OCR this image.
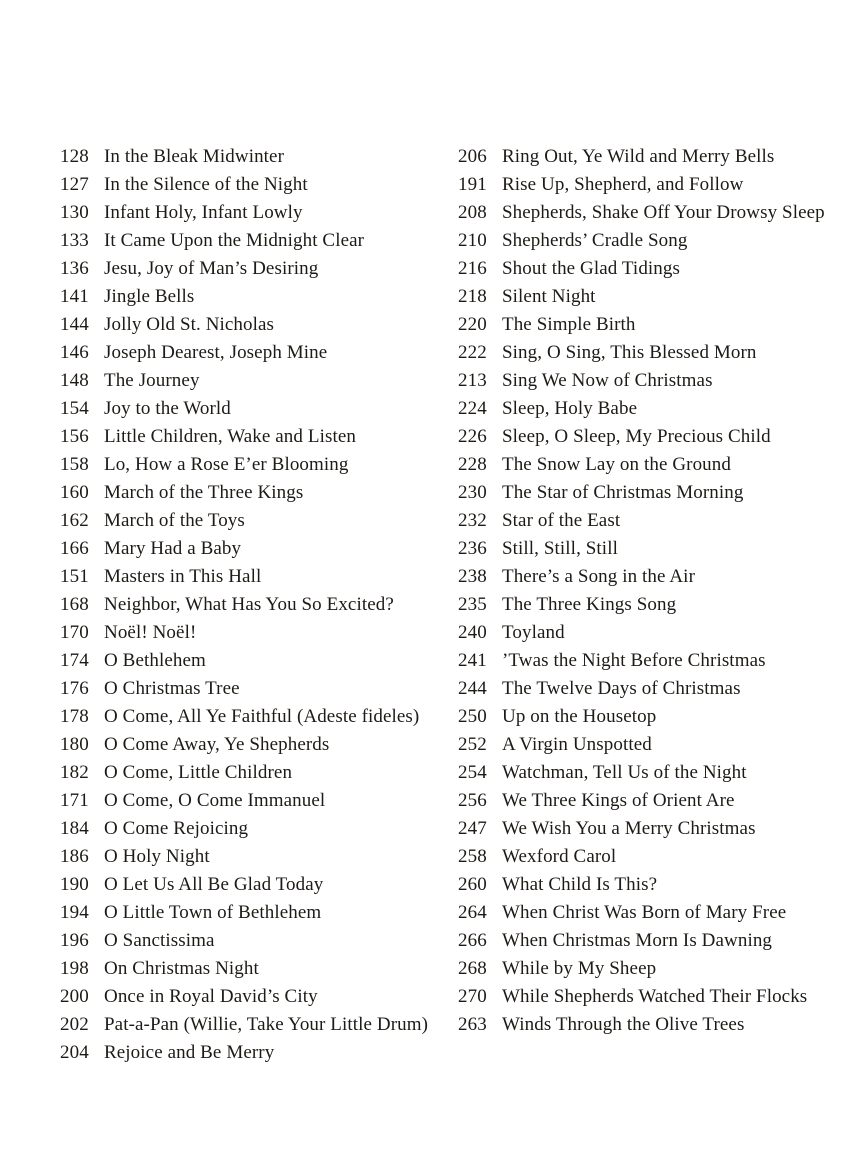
128 In the Bleak Midwinter
127 In the Silence of the Night
130 Infant Holy, Infant Lowly
133 It Came Upon the Midnight Clear
136 Jesu, Joy of Man’s Desiring
141 Jingle Bells
144 Jolly Old St. Nicholas
146 Joseph Dearest, Joseph Mine
148 The Journey
154 Joy to the World
156 Little Children, Wake and Listen
158 Lo, How a Rose E’er Blooming
160 March of the Three Kings
162 March of the Toys
166 Mary Had a Baby
151 Masters in This Hall
168 Neighbor, What Has You So Excited?
170 Noël! Noël!
174 O Bethlehem
176 O Christmas Tree
178 O Come, All Ye Faithful (Adeste fideles)
180 O Come Away, Ye Shepherds
182 O Come, Little Children
171 O Come, O Come Immanuel
184 O Come Rejoicing
186 O Holy Night
190 O Let Us All Be Glad Today
194 O Little Town of Bethlehem
196 O Sanctissima
198 On Christmas Night
200 Once in Royal David’s City
202 Pat-a-Pan (Willie, Take Your Little Drum)
204 Rejoice and Be Merry
206 Ring Out, Ye Wild and Merry Bells
191 Rise Up, Shepherd, and Follow
208 Shepherds, Shake Off Your Drowsy Sleep
210 Shepherds’ Cradle Song
216 Shout the Glad Tidings
218 Silent Night
220 The Simple Birth
222 Sing, O Sing, This Blessed Morn
213 Sing We Now of Christmas
224 Sleep, Holy Babe
226 Sleep, O Sleep, My Precious Child
228 The Snow Lay on the Ground
230 The Star of Christmas Morning
232 Star of the East
236 Still, Still, Still
238 There’s a Song in the Air
235 The Three Kings Song
240 Toyland
241 ’Twas the Night Before Christmas
244 The Twelve Days of Christmas
250 Up on the Housetop
252 A Virgin Unspotted
254 Watchman, Tell Us of the Night
256 We Three Kings of Orient Are
247 We Wish You a Merry Christmas
258 Wexford Carol
260 What Child Is This?
264 When Christ Was Born of Mary Free
266 When Christmas Morn Is Dawning
268 While by My Sheep
270 While Shepherds Watched Their Flocks
263 Winds Through the Olive Trees
